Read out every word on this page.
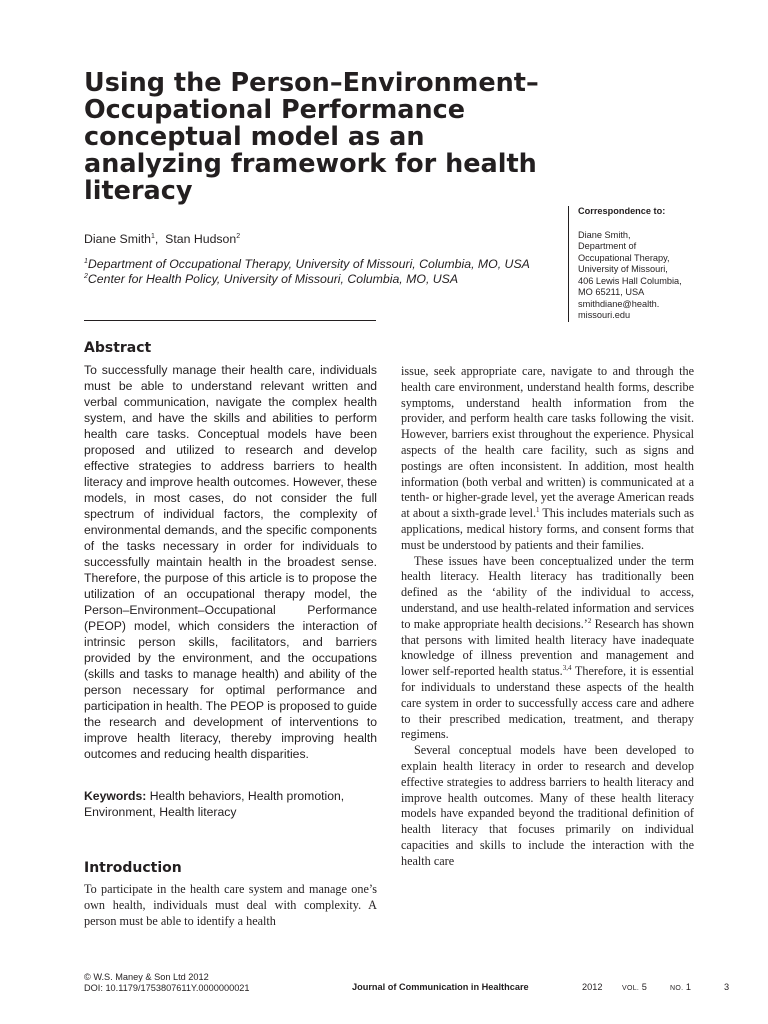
Using the Person–Environment–Occupational Performance conceptual model as an analyzing framework for health literacy
Diane Smith$^1$,  Stan Hudson$^2$

$^1$Department of Occupational Therapy, University of Missouri, Columbia, MO, USA

$^2$Center for Health Policy, University of Missouri, Columbia, MO, USA

Correspondence to:

Diane Smith,
Department of
Occupational Therapy,
University of Missouri,
406 Lewis Hall Columbia,
MO 65211, USA
smithdiane@health.
missouri.edu

Abstract

To successfully manage their health care, individuals must be able to understand relevant written and verbal communication, navigate the complex health system, and have the skills and abilities to perform health care tasks. Conceptual models have been proposed and utilized to research and develop effective strategies to address barriers to health literacy and improve health outcomes. However, these models, in most cases, do not consider the full spectrum of individual factors, the complexity of environmental demands, and the specific components of the tasks necessary in order for individuals to successfully maintain health in the broadest sense. Therefore, the purpose of this article is to propose the utilization of an occupational therapy model, the Person–Environment–Occupational Performance (PEOP) model, which considers the interaction of intrinsic person skills, facilitators, and barriers provided by the environment, and the occupations (skills and tasks to manage health) and ability of the person necessary for optimal performance and participation in health. The PEOP is proposed to guide the research and development of interventions to improve health literacy, thereby improving health outcomes and reducing health disparities.

Keywords: Health behaviors, Health promotion, Environment, Health literacy

Introduction

To participate in the health care system and manage one’s own health, individuals must deal with complexity. A person must be able to identify a health

issue, seek appropriate care, navigate to and through the health care environment, understand health forms, describe symptoms, understand health information from the provider, and perform health care tasks following the visit. However, barriers exist throughout the experience. Physical aspects of the health care facility, such as signs and postings are often inconsistent. In addition, most health information (both verbal and written) is communicated at a tenth- or higher-grade level, yet the average American reads at about a sixth-grade level.$^1$ This includes materials such as applications, medical history forms, and consent forms that must be understood by patients and their families.

These issues have been conceptualized under the term health literacy. Health literacy has traditionally been defined as the ‘ability of the individual to access, understand, and use health-related information and services to make appropriate health decisions.’$^2$ Research has shown that persons with limited health literacy have inadequate knowledge of illness prevention and management and lower self-reported health status.$^{3,4}$ Therefore, it is essential for individuals to understand these aspects of the health care system in order to successfully access care and adhere to their prescribed medication, treatment, and therapy regimens.

Several conceptual models have been developed to explain health literacy in order to research and develop effective strategies to address barriers to health literacy and improve health outcomes. Many of these health literacy models have expanded beyond the traditional definition of health literacy that focuses primarily on individual capacities and skills to include the interaction with the health care

© W.S. Maney & Son Ltd 2012

DOI: 10.1179/1753807611Y.0000000021	Journal of Communication in Healthcare	2012	VOL. 5	NO. 1	3
